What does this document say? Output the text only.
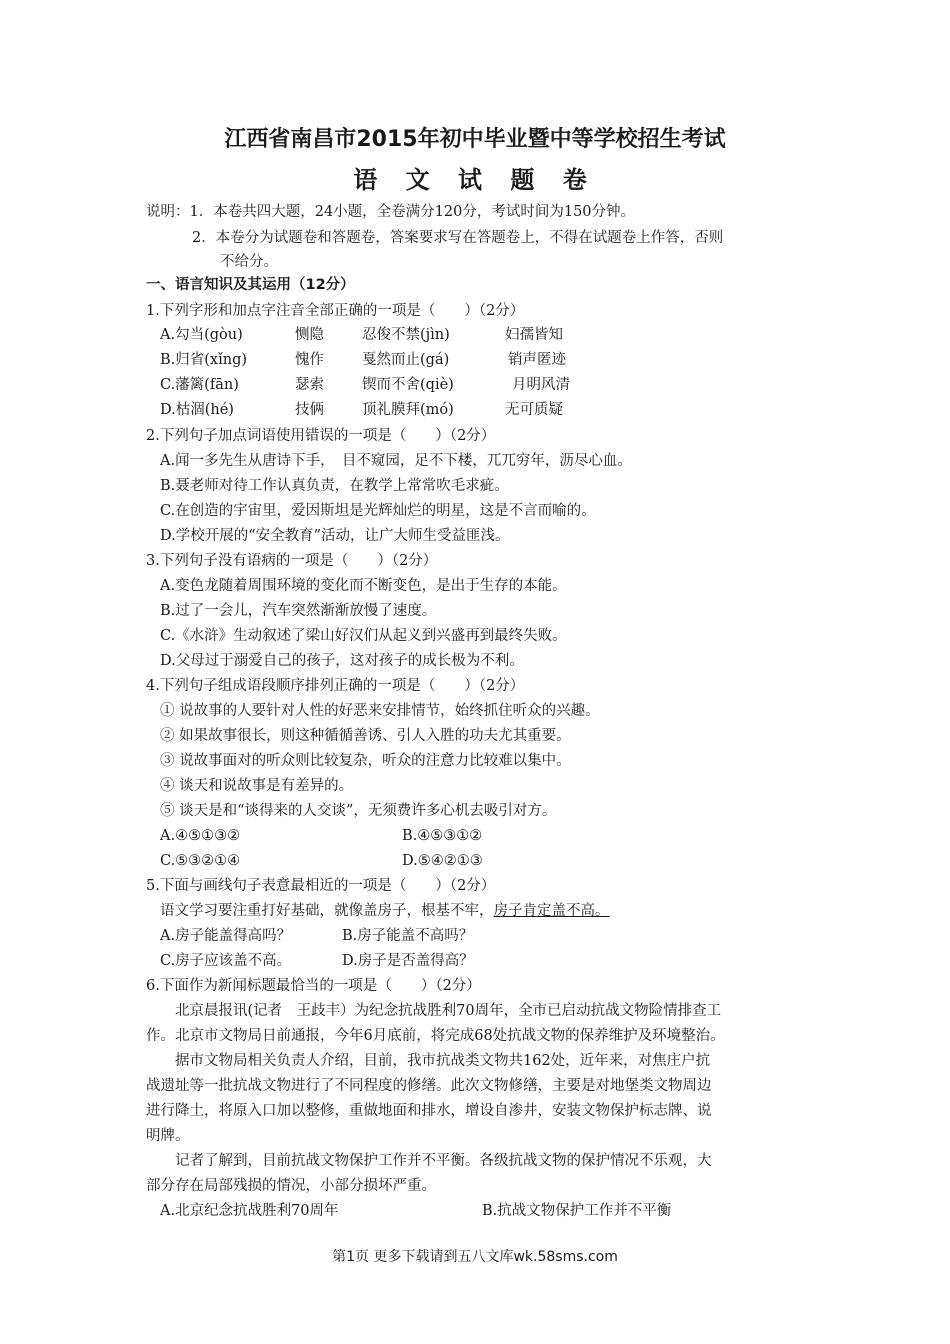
江西省南昌市2015年初中毕业暨中等学校招生考试
语 文 试 题 卷
说明：1．本卷共四大题，24小题，全卷满分120分，考试时间为150分钟。
2．本卷分为试题卷和答题卷，答案要求写在答题卷上，不得在试题卷上作答，否则
不给分。
一、语言知识及其运用（12分）
1.下列字形和加点字注音全部正确的一项是（　　）（2分）
A.勾当(gòu)	恻隐	忍俊不禁(jìn)	妇孺皆知
B.归省(xǐng)	愧作	戛然而止(gá)	销声匿迹
C.藩篱(fān)	瑟索	锲而不舍(qiè)	月明风清
D.枯涸(hé)	技俩	顶礼膜拜(mó)	无可质疑
2.下列句子加点词语使用错误的一项是（　　）（2分）
A.闻一多先生从唐诗下手，　目不窥园，足不下楼，兀兀穷年，沥尽心血。
B.聂老师对待工作认真负责，在教学上常常吹毛求疵。
C.在创造的宇宙里，爱因斯坦是光辉灿烂的明星，这是不言而喻的。
D.学校开展的“安全教育”活动，让广大师生受益匪浅。
3.下列句子没有语病的一项是（　　）（2分）
A.变色龙随着周围环境的变化而不断变色，是出于生存的本能。
B.过了一会儿，汽车突然渐渐放慢了速度。
C.《水浒》生动叙述了梁山好汉们从起义到兴盛再到最终失败。
D.父母过于溺爱自己的孩子，这对孩子的成长极为不利。
4.下列句子组成语段顺序排列正确的一项是（　　）（2分）
① 说故事的人要针对人性的好恶来安排情节，始终抓住听众的兴趣。
② 如果故事很长，则这种循循善诱、引人入胜的功夫尤其重要。
③ 说故事面对的听众则比较复杂，听众的注意力比较难以集中。
④ 谈天和说故事是有差异的。
⑤ 谈天是和“谈得来的人交谈”，无须费许多心机去吸引对方。
A.④⑤①③②	B.④⑤③①②
C.⑤③②①④	D.⑤④②①③
5.下面与画线句子表意最相近的一项是（　　）（2分）
语文学习要注重打好基础，就像盖房子，根基不牢，房子肯定盖不高。
A.房子能盖得高吗？	B.房子能盖不高吗？
C.房子应该盖不高。	D.房子是否盖得高？
6.下面作为新闻标题最恰当的一项是（　　）（2分）
北京晨报讯(记者　王歧丰）为纪念抗战胜利70周年，全市已启动抗战文物险情排查工
作。北京市文物局日前通报，今年6月底前，将完成68处抗战文物的保养维护及环境整治。
据市文物局相关负责人介绍，目前，我市抗战类文物共162处，近年来，对焦庄户抗
战遗址等一批抗战文物进行了不同程度的修缮。此次文物修缮，主要是对地堡类文物周边
进行降土，将原入口加以整修，重做地面和排水，增设自渗井，安装文物保护标志牌、说
明牌。
记者了解到，目前抗战文物保护工作并不平衡。各级抗战文物的保护情况不乐观，大
部分存在局部残损的情况，小部分损坏严重。
A.北京纪念抗战胜利70周年	B.抗战文物保护工作并不平衡
第1页 更多下载请到五八文库wk.58sms.com
